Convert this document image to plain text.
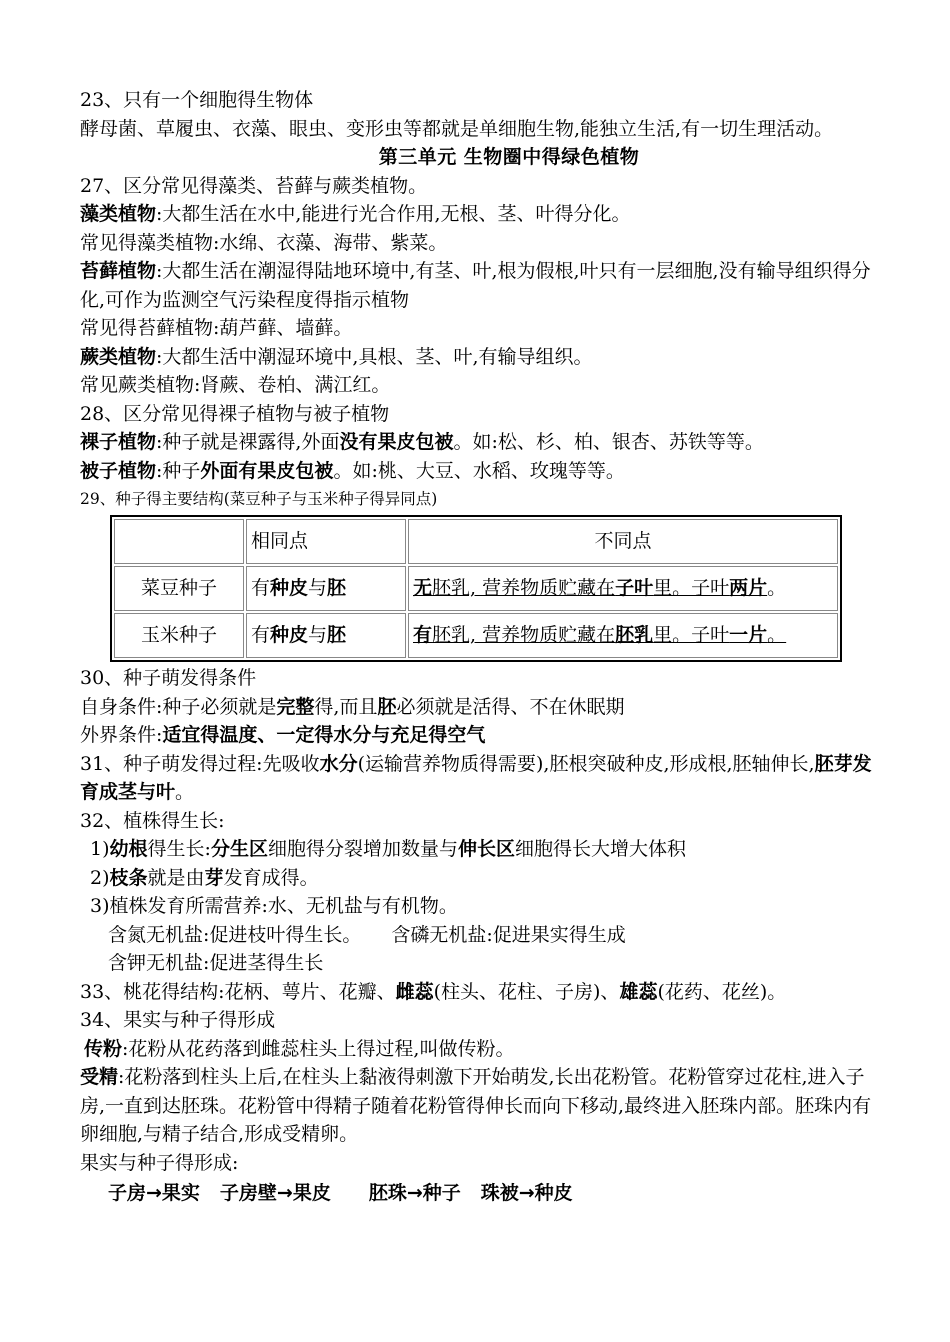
23、只有一个细胞得生物体

酵母菌、草履虫、衣藻、眼虫、变形虫等都就是单细胞生物,能独立生活,有一切生理活动。

第三单元 生物圈中得绿色植物

27、区分常见得藻类、苔藓与蕨类植物。

藻类植物:大都生活在水中,能进行光合作用,无根、茎、叶得分化。

常见得藻类植物:水绵、衣藻、海带、紫菜。

苔藓植物:大都生活在潮湿得陆地环境中,有茎、叶,根为假根,叶只有一层细胞,没有输导组织得分化,可作为监测空气污染程度得指示植物

常见得苔藓植物:葫芦藓、墙藓。

蕨类植物:大都生活中潮湿环境中,具根、茎、叶,有输导组织。

常见蕨类植物:肾蕨、卷柏、满江红。

28、区分常见得裸子植物与被子植物

裸子植物:种子就是裸露得,外面没有果皮包被。如:松、杉、柏、银杏、苏铁等等。

被子植物:种子外面有果皮包被。如:桃、大豆、水稻、玫瑰等等。

29、种子得主要结构(菜豆种子与玉米种子得异同点)

	相同点	不同点
菜豆种子	有种皮与胚	无胚乳, 营养物质贮藏在子叶里。子叶两片。
玉米种子	有种皮与胚	有胚乳, 营养物质贮藏在胚乳里。子叶一片。

30、种子萌发得条件

自身条件:种子必须就是完整得,而且胚必须就是活得、不在休眠期

外界条件:适宜得温度、一定得水分与充足得空气

31、种子萌发得过程:先吸收水分(运输营养物质得需要),胚根突破种皮,形成根,胚轴伸长,胚芽发育成茎与叶。

32、植株得生长:

1)幼根得生长:分生区细胞得分裂增加数量与伸长区细胞得长大增大体积

2)枝条就是由芽发育成得。

3)植株发育所需营养:水、无机盐与有机物。

含氮无机盐:促进枝叶得生长。 含磷无机盐:促进果实得生成

含钾无机盐:促进茎得生长

33、桃花得结构:花柄、萼片、花瓣、雌蕊(柱头、花柱、子房)、雄蕊(花药、花丝)。

34、果实与种子得形成

传粉:花粉从花药落到雌蕊柱头上得过程,叫做传粉。

受精:花粉落到柱头上后,在柱头上黏液得刺激下开始萌发,长出花粉管。花粉管穿过花柱,进入子房,一直到达胚珠。花粉管中得精子随着花粉管得伸长而向下移动,最终进入胚珠内部。胚珠内有卵细胞,与精子结合,形成受精卵。

果实与种子得形成:

子房→果实 子房壁→果皮 胚珠→种子 珠被→种皮
